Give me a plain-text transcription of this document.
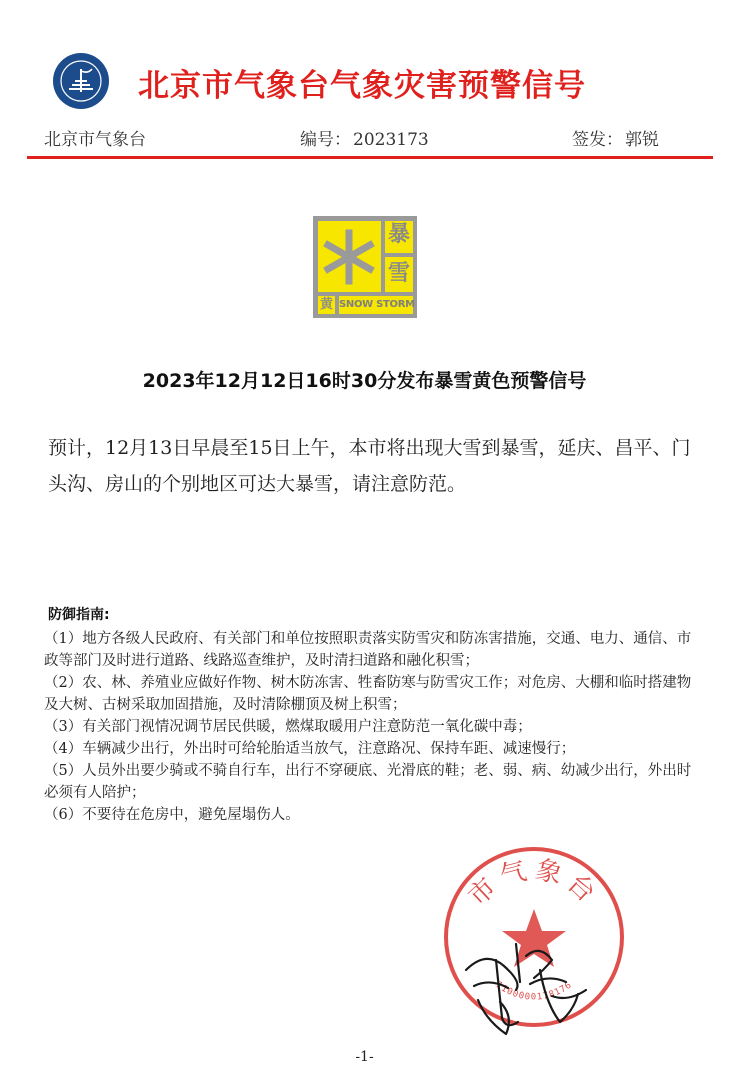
北京市气象台气象灾害预警信号
北京市气象台	编号： 2023173	签发： 郭锐
暴
雪
黄 SNOW STORM
2023年12月12日16时30分发布暴雪黄色预警信号
预计，12月13日早晨至15日上午，本市将出现大雪到暴雪，延庆、昌平、门头沟、房山的个别地区可达大暴雪，请注意防范。
防御指南:
（1）地方各级人民政府、有关部门和单位按照职责落实防雪灾和防冻害措施，交通、电力、通信、市政等部门及时进行道路、线路巡查维护，及时清扫道路和融化积雪；
（2）农、林、养殖业应做好作物、树木防冻害、牲畜防寒与防雪灾工作；对危房、大棚和临时搭建物及大树、古树采取加固措施，及时清除棚顶及树上积雪；
（3）有关部门视情况调节居民供暖，燃煤取暖用户注意防范一氧化碳中毒；
（4）车辆减少出行，外出时可给轮胎适当放气，注意路况、保持车距、减速慢行；
（5）人员外出要少骑或不骑自行车，出行不穿硬底、光滑底的鞋；老、弱、病、幼减少出行，外出时必须有人陪护；
（6）不要待在危房中，避免屋塌伤人。
市气象台
1100000178176
-1-
